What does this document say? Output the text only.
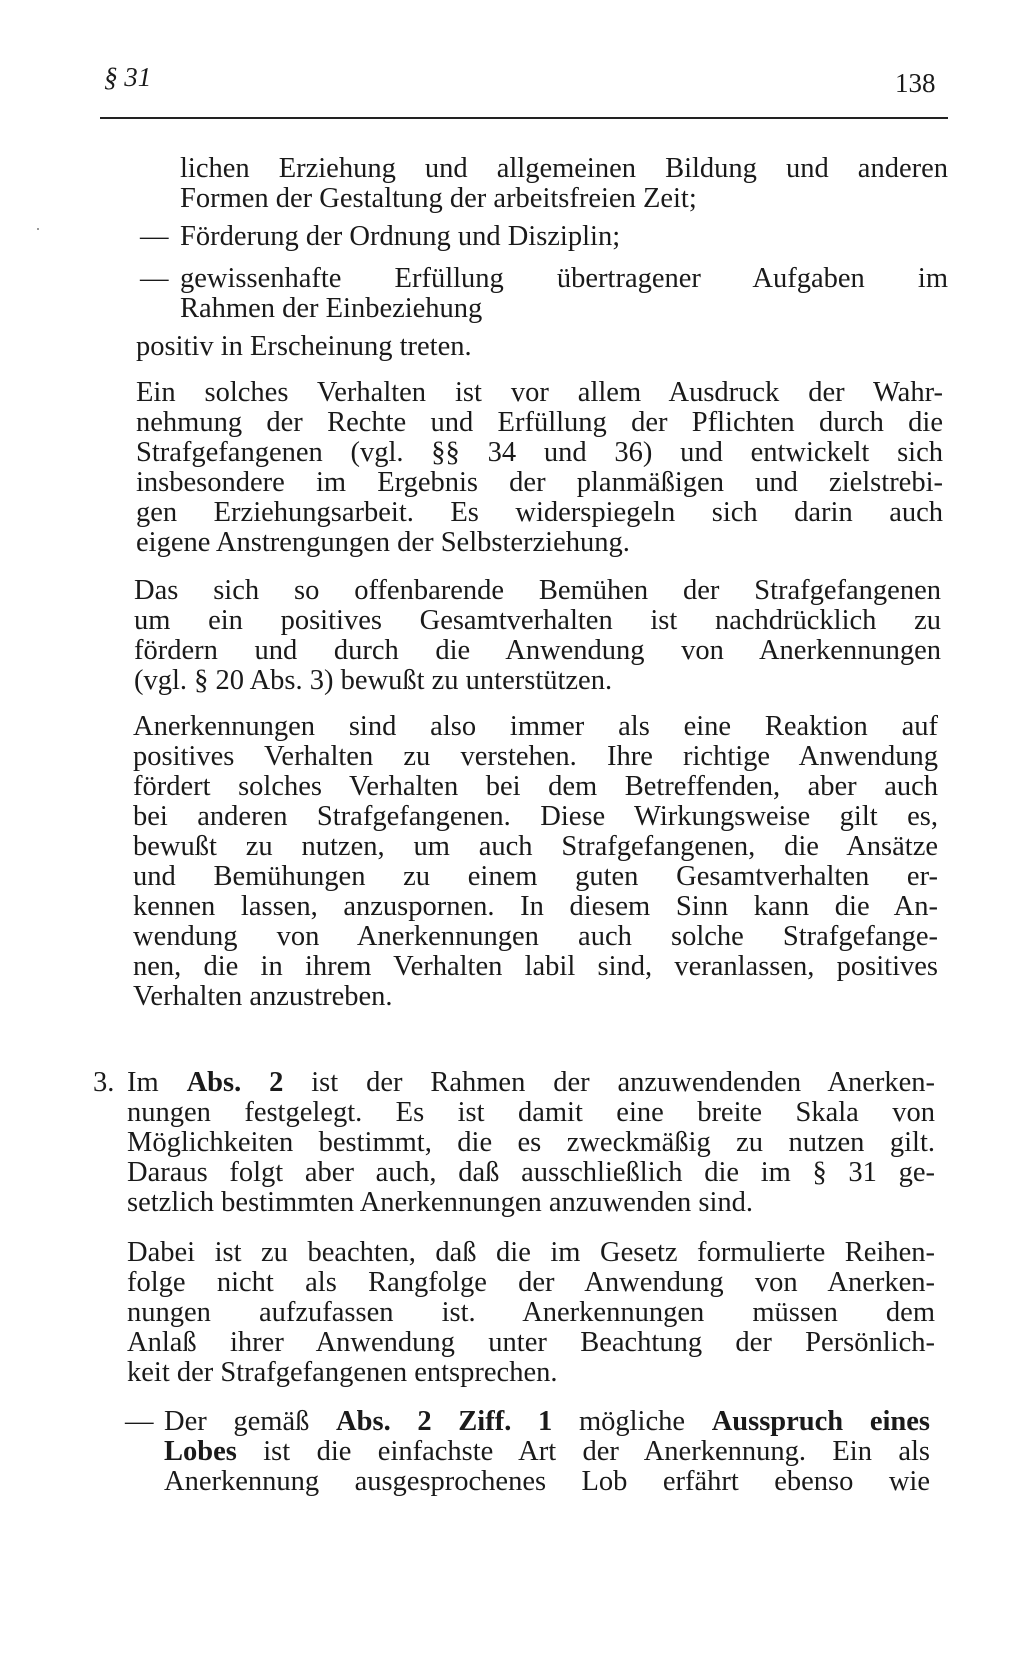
§ 31	138
lichen Erziehung und allgemeinen Bildung und anderen
Formen der Gestaltung der arbeitsfreien Zeit;
— Förderung der Ordnung und Disziplin;
— gewissenhafte Erfüllung übertragener Aufgaben im
Rahmen der Einbeziehung
positiv in Erscheinung treten.
Ein solches Verhalten ist vor allem Ausdruck der Wahr-
nehmung der Rechte und Erfüllung der Pflichten durch die
Strafgefangenen (vgl. §§ 34 und 36) und entwickelt sich
insbesondere im Ergebnis der planmäßigen und zielstrebi-
gen Erziehungsarbeit. Es widerspiegeln sich darin auch
eigene Anstrengungen der Selbsterziehung.
Das sich so offenbarende Bemühen der Strafgefangenen
um ein positives Gesamtverhalten ist nachdrücklich zu
fördern und durch die Anwendung von Anerkennungen
(vgl. § 20 Abs. 3) bewußt zu unterstützen.
Anerkennungen sind also immer als eine Reaktion auf
positives Verhalten zu verstehen. Ihre richtige Anwendung
fördert solches Verhalten bei dem Betreffenden, aber auch
bei anderen Strafgefangenen. Diese Wirkungsweise gilt es,
bewußt zu nutzen, um auch Strafgefangenen, die Ansätze
und Bemühungen zu einem guten Gesamtverhalten er-
kennen lassen, anzuspornen. In diesem Sinn kann die An-
wendung von Anerkennungen auch solche Strafgefange-
nen, die in ihrem Verhalten labil sind, veranlassen, positives
Verhalten anzustreben.
3. Im Abs. 2 ist der Rahmen der anzuwendenden Anerken-
nungen festgelegt. Es ist damit eine breite Skala von
Möglichkeiten bestimmt, die es zweckmäßig zu nutzen gilt.
Daraus folgt aber auch, daß ausschließlich die im § 31 ge-
setzlich bestimmten Anerkennungen anzuwenden sind.
Dabei ist zu beachten, daß die im Gesetz formulierte Reihen-
folge nicht als Rangfolge der Anwendung von Anerken-
nungen aufzufassen ist. Anerkennungen müssen dem
Anlaß ihrer Anwendung unter Beachtung der Persönlich-
keit der Strafgefangenen entsprechen.
— Der gemäß Abs. 2 Ziff. 1 mögliche Ausspruch eines
Lobes ist die einfachste Art der Anerkennung. Ein als
Anerkennung ausgesprochenes Lob erfährt ebenso wie
